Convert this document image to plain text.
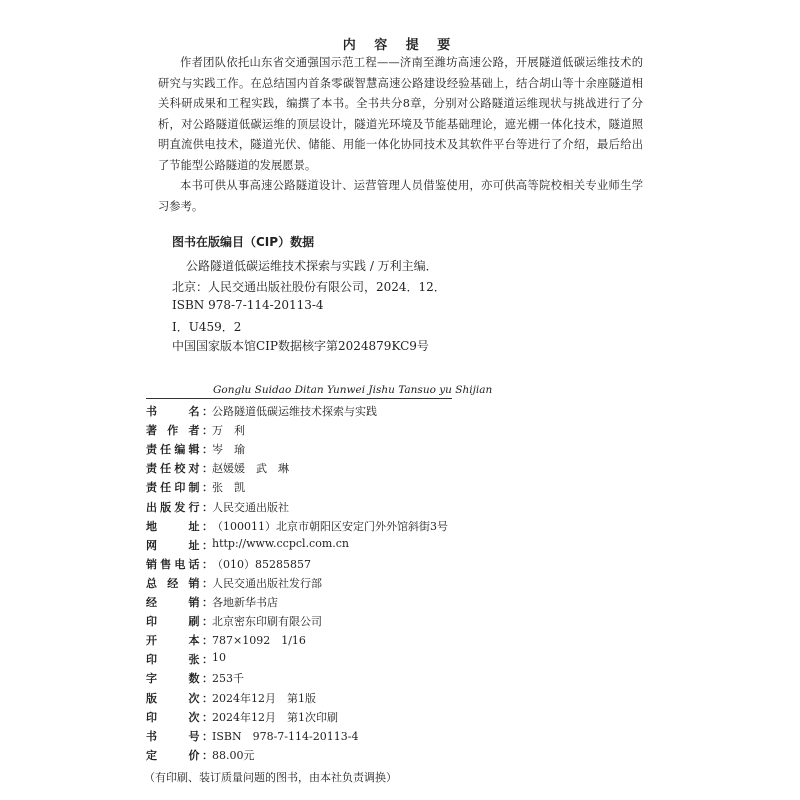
内 容 提 要

作者团队依托山东省交通强国示范工程——济南至潍坊高速公路，开展隧道低碳运维技术的研究与实践工作。在总结国内首条零碳智慧高速公路建设经验基础上，结合胡山等十余座隧道相关科研成果和工程实践，编撰了本书。全书共分8章，分别对公路隧道运维现状与挑战进行了分析，对公路隧道低碳运维的顶层设计，隧道光环境及节能基础理论，遮光棚一体化技术，隧道照明直流供电技术，隧道光伏、储能、用能一体化协同技术及其软件平台等进行了介绍，最后给出了节能型公路隧道的发展愿景。

本书可供从事高速公路隧道设计、运营管理人员借鉴使用，亦可供高等院校相关专业师生学习参考。

图书在版编目（CIP）数据
公路隧道低碳运维技术探索与实践 / 万利主编．
北京：人民交通出版社股份有限公司，2024．12．
ISBN 978-7-114-20113-4
Ⅰ．U459．2
中国国家版本馆CIP数据核字第2024879KC9号
Gonglu Suidao Ditan Yunwei Jishu Tansuo yu Shijian
书	名 ： 公路隧道低碳运维技术探索与实践
著 作 者 ： 万　利
责 任 编 辑 ： 岑　瑜
责 任 校 对 ： 赵媛媛　武　琳
责 任 印 制 ： 张　凯
出 版 发 行 ： 人民交通出版社
地	址 ： （100011）北京市朝阳区安定门外外馆斜街3号
网	址 ： http://www.ccpcl.com.cn
销 售 电 话 ： （010）85285857
总 经 销 ： 人民交通出版社发行部
经	销 ： 各地新华书店
印	刷 ： 北京密东印刷有限公司
开	本 ： 787×1092　1/16
印	张 ： 10
字	数 ： 253千
版	次 ： 2024年12月　第1版
印	次 ： 2024年12月　第1次印刷
书	号 ： ISBN　978-7-114-20113-4
定	价 ： 88.00元
（有印刷、装订质量问题的图书，由本社负责调换）
